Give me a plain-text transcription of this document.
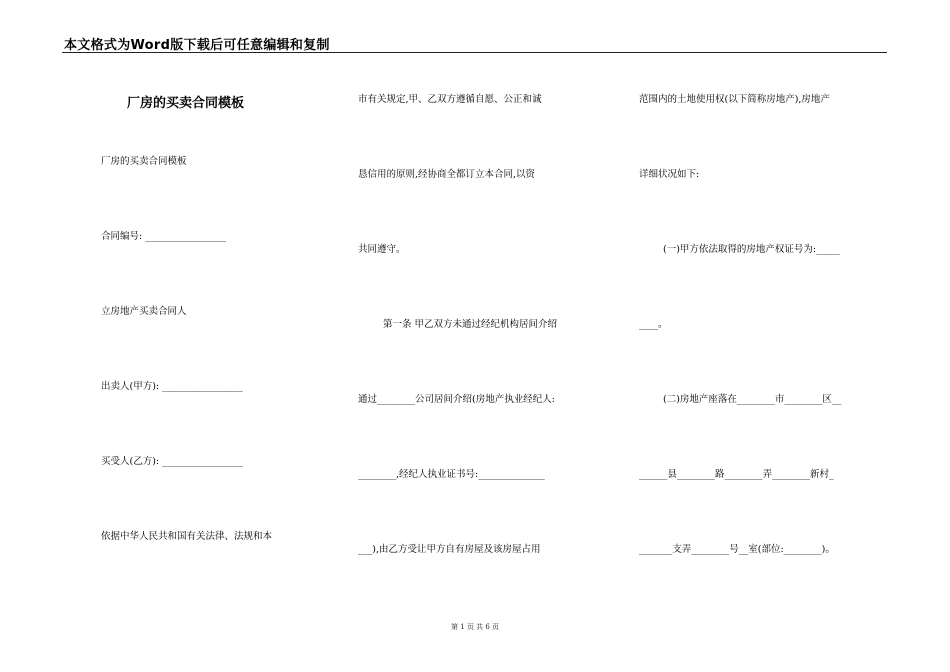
本文格式为Word版下载后可任意编辑和复制
厂房的买卖合同模板
厂房的买卖合同模板
合同编号: _________________
立房地产买卖合同人
出卖人(甲方): _________________
买受人(乙方): _________________
依据中华人民共和国有关法律、法规和本
市有关规定,甲、乙双方遵循自愿、公正和诚
恳信用的原则,经协商全都订立本合同,以资
共同遵守。
第一条 甲乙双方未通过经纪机构居间介绍
通过________公司居间介绍(房地产执业经纪人:
________,经纪人执业证书号:______________
___),由乙方受让甲方自有房屋及该房屋占用
范围内的土地使用权(以下简称房地产),房地产
详细状况如下:
(一)甲方依法取得的房地产权证号为:_____
____。
(二)房地产座落在________市________区__
______县________路________弄________新村_
_______支弄________号__室(部位:________)。
第 1 页 共 6 页
